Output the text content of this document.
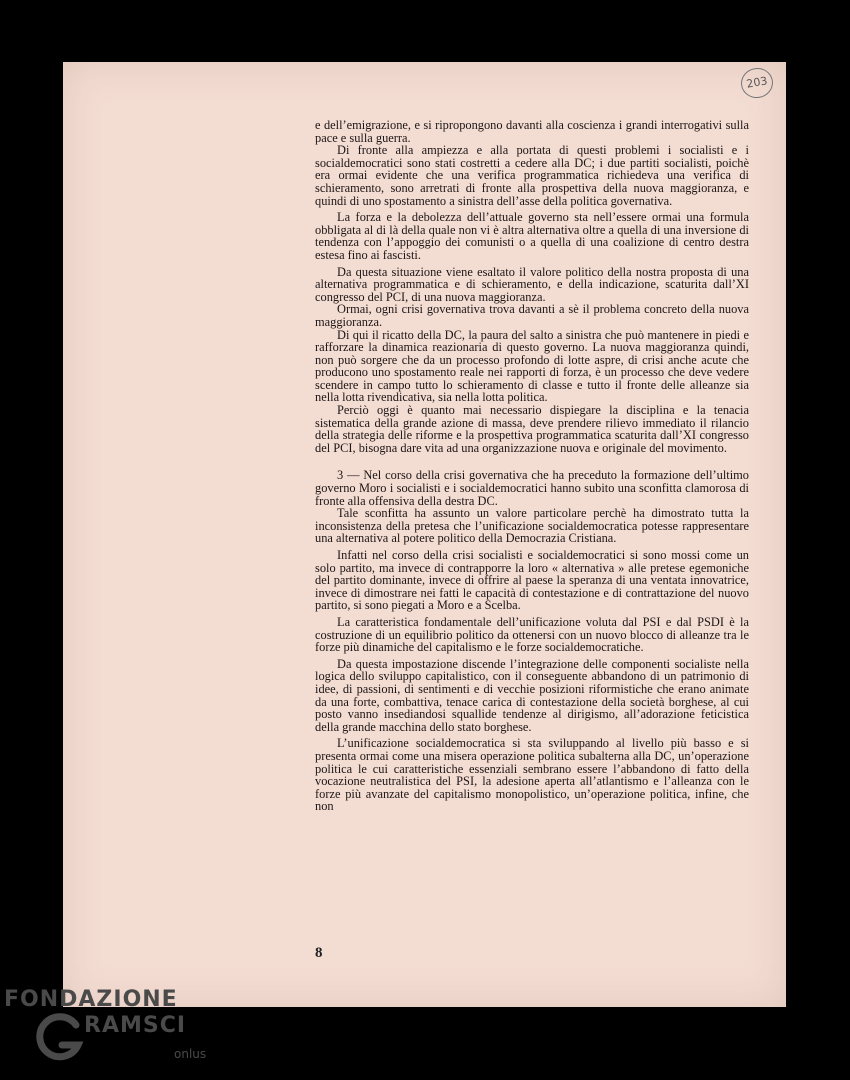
203

e dell’emigrazione, e si ripropongono davanti alla coscienza i grandi interrogativi sulla pace e sulla guerra.

Di fronte alla ampiezza e alla portata di questi problemi i socialisti e i socialdemocratici sono stati costretti a cedere alla DC; i due partiti socialisti, poichè era ormai evidente che una verifica programmatica richiedeva una verifica di schieramento, sono arretrati di fronte alla prospettiva della nuova maggioranza, e quindi di uno spostamento a sinistra dell’asse della politica governativa.

La forza e la debolezza dell’attuale governo sta nell’essere ormai una formula obbligata al di là della quale non vi è altra alternativa oltre a quella di una inversione di tendenza con l’appoggio dei comunisti o a quella di una coalizione di centro destra estesa fino ai fascisti.

Da questa situazione viene esaltato il valore politico della nostra proposta di una alternativa programmatica e di schieramento, e della indicazione, scaturita dall’XI congresso del PCI, di una nuova maggioranza.

Ormai, ogni crisi governativa trova davanti a sè il problema concreto della nuova maggioranza.

Di qui il ricatto della DC, la paura del salto a sinistra che può mantenere in piedi e rafforzare la dinamica reazionaria di questo governo. La nuova maggioranza quindi, non può sorgere che da un processo profondo di lotte aspre, di crisi anche acute che producono uno spostamento reale nei rapporti di forza, è un processo che deve vedere scendere in campo tutto lo schieramento di classe e tutto il fronte delle alleanze sia nella lotta rivendicativa, sia nella lotta politica.

Perciò oggi è quanto mai necessario dispiegare la disciplina e la tenacia sistematica della grande azione di massa, deve prendere rilievo immediato il rilancio della strategia delle riforme e la prospettiva programmatica scaturita dall’XI congresso del PCI, bisogna dare vita ad una organizzazione nuova e originale del movimento.

3 — Nel corso della crisi governativa che ha preceduto la formazione dell’ultimo governo Moro i socialisti e i socialdemocratici hanno subito una sconfitta clamorosa di fronte alla offensiva della destra DC.

Tale sconfitta ha assunto un valore particolare perchè ha dimostrato tutta la inconsistenza della pretesa che l’unificazione socialdemocratica potesse rappresentare una alternativa al potere politico della Democrazia Cristiana.

Infatti nel corso della crisi socialisti e socialdemocratici si sono mossi come un solo partito, ma invece di contrapporre la loro « alternativa » alle pretese egemoniche del partito dominante, invece di offrire al paese la speranza di una ventata innovatrice, invece di dimostrare nei fatti le capacità di contestazione e di contrattazione del nuovo partito, si sono piegati a Moro e a Scelba.

La caratteristica fondamentale dell’unificazione voluta dal PSI e dal PSDI è la costruzione di un equilibrio politico da ottenersi con un nuovo blocco di alleanze tra le forze più dinamiche del capitalismo e le forze socialdemocratiche.

Da questa impostazione discende l’integrazione delle componenti socialiste nella logica dello sviluppo capitalistico, con il conseguente abbandono di un patrimonio di idee, di passioni, di sentimenti e di vecchie posizioni riformistiche che erano animate da una forte, combattiva, tenace carica di contestazione della società borghese, al cui posto vanno insediandosi squallide tendenze al dirigismo, all’adorazione feticistica della grande macchina dello stato borghese.

L’unificazione socialdemocratica si sta sviluppando al livello più basso e si presenta ormai come una misera operazione politica subalterna alla DC, un’operazione politica le cui caratteristiche essenziali sembrano essere l’abbandono di fatto della vocazione neutralistica del PSI, la adesione aperta all’atlantismo e l’alleanza con le forze più avanzate del capitalismo monopolistico, un’operazione politica, infine, che non

8
FONDAZIONE
RAMSCI
onlus
